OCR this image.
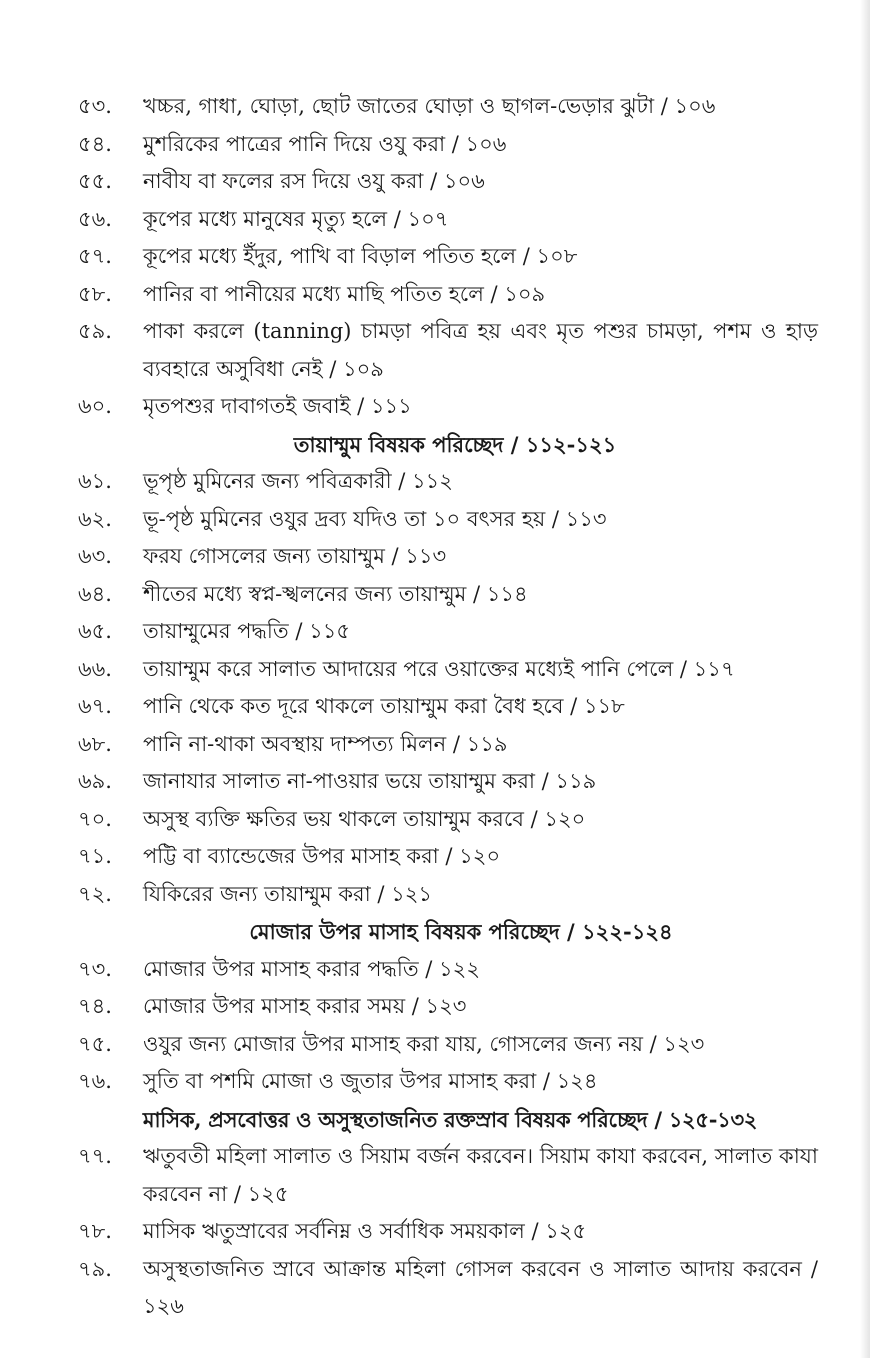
৫৩.	খচ্চর, গাধা, ঘোড়া, ছোট জাতের ঘোড়া ও ছাগল-ভেড়ার ঝুটা / ১০৬
৫৪.	মুশরিকের পাত্রের পানি দিয়ে ওযু করা / ১০৬
৫৫.	নাবীয বা ফলের রস দিয়ে ওযু করা / ১০৬
৫৬.	কূপের মধ্যে মানুষের মৃত্যু হলে / ১০৭
৫৭.	কূপের মধ্যে ইঁদুর, পাখি বা বিড়াল পতিত হলে / ১০৮
৫৮.	পানির বা পানীয়ের মধ্যে মাছি পতিত হলে / ১০৯
৫৯.	পাকা করলে (tanning) চামড়া পবিত্র হয় এবং মৃত পশুর চামড়া, পশম ও হাড় ব্যবহারে অসুবিধা নেই / ১০৯
৬০.	মৃতপশুর দাবাগতই জবাই / ১১১
তায়াম্মুম বিষয়ক পরিচ্ছেদ / ১১২-১২১
৬১.	ভূপৃষ্ঠ মুমিনের জন্য পবিত্রকারী / ১১২
৬২.	ভূ-পৃষ্ঠ মুমিনের ওযুর দ্রব্য যদিও তা ১০ বৎসর হয় / ১১৩
৬৩.	ফরয গোসলের জন্য তায়াম্মুম / ১১৩
৬৪.	শীতের মধ্যে স্বপ্ন-স্খলনের জন্য তায়াম্মুম / ১১৪
৬৫.	তায়াম্মুমের পদ্ধতি / ১১৫
৬৬.	তায়াম্মুম করে সালাত আদায়ের পরে ওয়াক্তের মধ্যেই পানি পেলে / ১১৭
৬৭.	পানি থেকে কত দূরে থাকলে তায়াম্মুম করা বৈধ হবে / ১১৮
৬৮.	পানি না-থাকা অবস্থায় দাম্পত্য মিলন / ১১৯
৬৯.	জানাযার সালাত না-পাওয়ার ভয়ে তায়াম্মুম করা / ১১৯
৭০.	অসুস্থ ব্যক্তি ক্ষতির ভয় থাকলে তায়াম্মুম করবে / ১২০
৭১.	পট্টি বা ব্যান্ডেজের উপর মাসাহ করা / ১২০
৭২.	যিকিরের জন্য তায়াম্মুম করা / ১২১
মোজার উপর মাসাহ বিষয়ক পরিচ্ছেদ / ১২২-১২৪
৭৩.	মোজার উপর মাসাহ করার পদ্ধতি / ১২২
৭৪.	মোজার উপর মাসাহ করার সময় / ১২৩
৭৫.	ওযুর জন্য মোজার উপর মাসাহ করা যায়, গোসলের জন্য নয় / ১২৩
৭৬.	সুতি বা পশমি মোজা ও জুতার উপর মাসাহ করা / ১২৪
মাসিক, প্রসবোত্তর ও অসুস্থতাজনিত রক্তস্রাব বিষয়ক পরিচ্ছেদ / ১২৫-১৩২
৭৭.	ঋতুবতী মহিলা সালাত ও সিয়াম বর্জন করবেন। সিয়াম কাযা করবেন, সালাত কাযা করবেন না / ১২৫
৭৮.	মাসিক ঋতুস্রাবের সর্বনিম্ন ও সর্বাধিক সময়কাল / ১২৫
৭৯.	অসুস্থতাজনিত স্রাবে আক্রান্ত মহিলা গোসল করবেন ও সালাত আদায় করবেন / ১২৬
